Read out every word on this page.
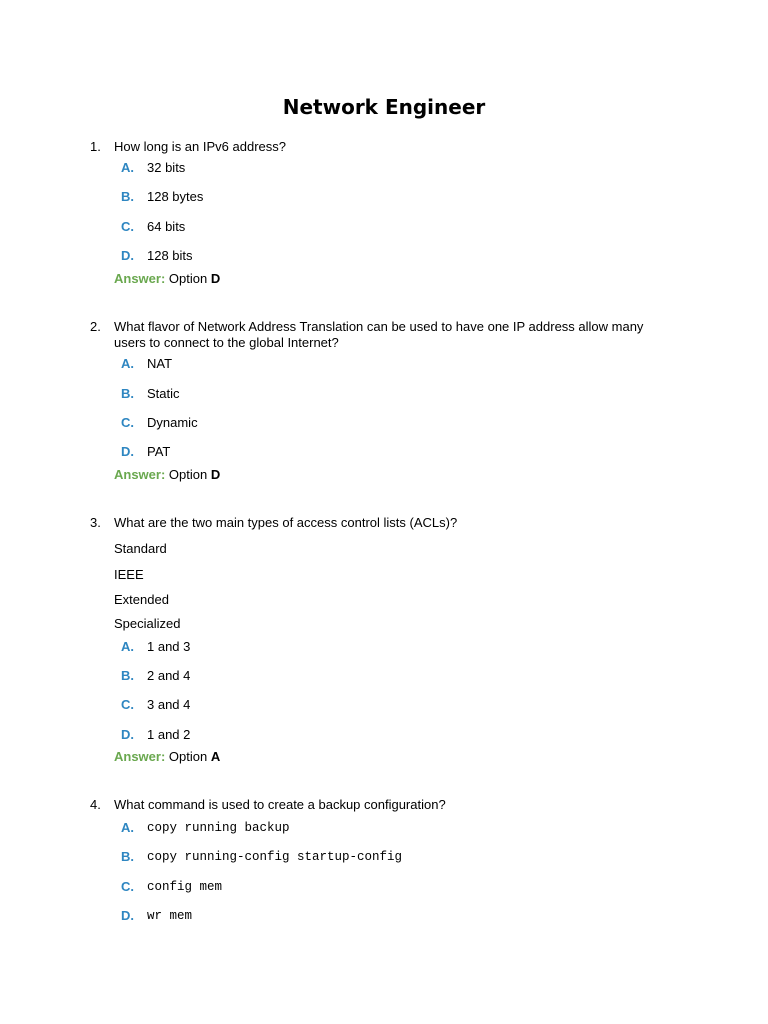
Network Engineer
1. How long is an IPv6 address?
A. 32 bits
B. 128 bytes
C. 64 bits
D. 128 bits
Answer: Option D
2. What flavor of Network Address Translation can be used to have one IP address allow many users to connect to the global Internet?
A. NAT
B. Static
C. Dynamic
D. PAT
Answer: Option D
3. What are the two main types of access control lists (ACLs)?
Standard
IEEE
Extended
Specialized
A. 1 and 3
B. 2 and 4
C. 3 and 4
D. 1 and 2
Answer: Option A
4. What command is used to create a backup configuration?
A. copy running backup
B. copy running-config startup-config
C. config mem
D. wr mem
